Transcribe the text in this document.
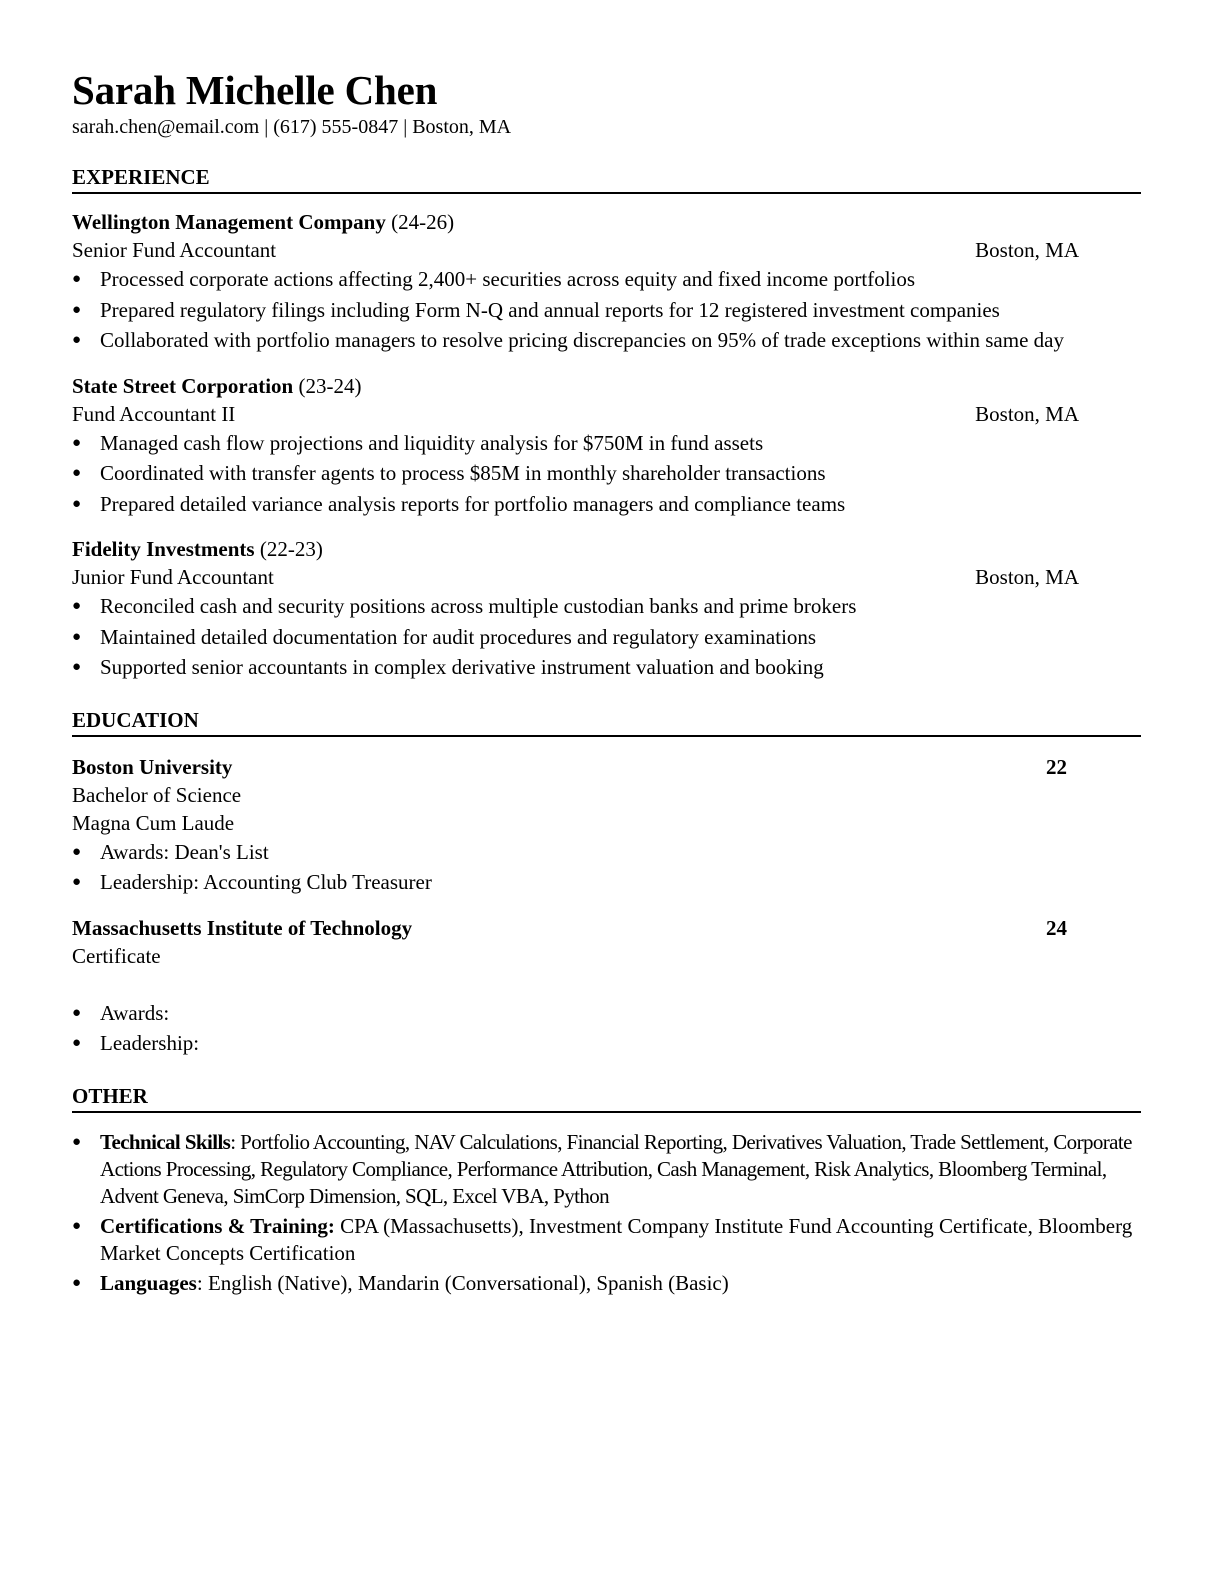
Sarah Michelle Chen
sarah.chen@email.com | (617) 555-0847 | Boston, MA
EXPERIENCE
Wellington Management Company (24-26)
Senior Fund Accountant	Boston, MA
● Processed corporate actions affecting 2,400+ securities across equity and fixed income portfolios
● Prepared regulatory filings including Form N-Q and annual reports for 12 registered investment companies
● Collaborated with portfolio managers to resolve pricing discrepancies on 95% of trade exceptions within same day
State Street Corporation (23-24)
Fund Accountant II	Boston, MA
● Managed cash flow projections and liquidity analysis for $750M in fund assets
● Coordinated with transfer agents to process $85M in monthly shareholder transactions
● Prepared detailed variance analysis reports for portfolio managers and compliance teams
Fidelity Investments (22-23)
Junior Fund Accountant	Boston, MA
● Reconciled cash and security positions across multiple custodian banks and prime brokers
● Maintained detailed documentation for audit procedures and regulatory examinations
● Supported senior accountants in complex derivative instrument valuation and booking
EDUCATION
Boston University	22
Bachelor of Science
Magna Cum Laude
● Awards: Dean's List
● Leadership: Accounting Club Treasurer
Massachusetts Institute of Technology	24
Certificate
● Awards:
● Leadership:
OTHER
● Technical Skills: Portfolio Accounting, NAV Calculations, Financial Reporting, Derivatives Valuation, Trade Settlement, Corporate Actions Processing, Regulatory Compliance, Performance Attribution, Cash Management, Risk Analytics, Bloomberg Terminal, Advent Geneva, SimCorp Dimension, SQL, Excel VBA, Python
● Certifications & Training: CPA (Massachusetts), Investment Company Institute Fund Accounting Certificate, Bloomberg Market Concepts Certification
● Languages: English (Native), Mandarin (Conversational), Spanish (Basic)
